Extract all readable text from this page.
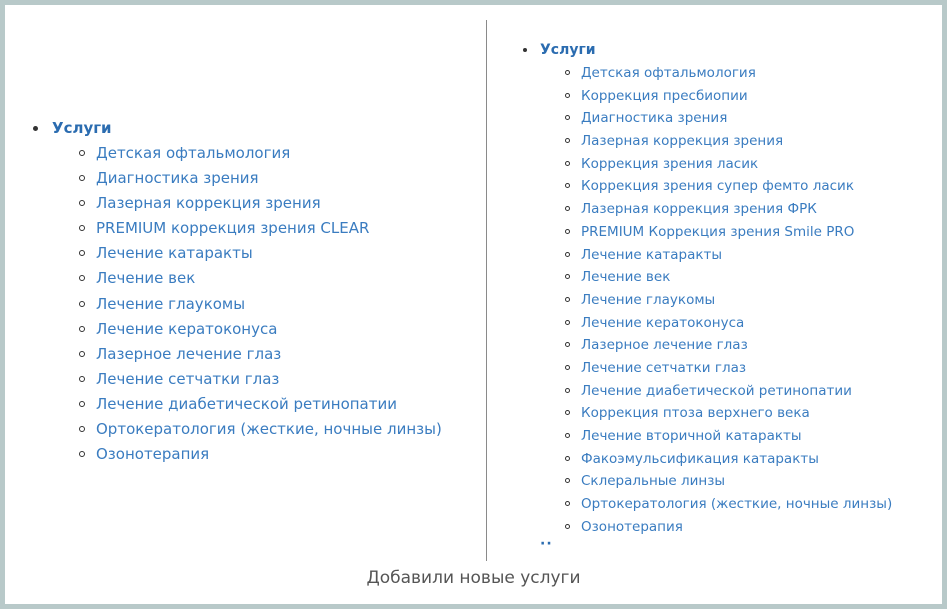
Услуги
Детская офтальмология
Диагностика зрения
Лазерная коррекция зрения
PREMIUM коррекция зрения CLEAR
Лечение катаракты
Лечение век
Лечение глаукомы
Лечение кератоконуса
Лазерное лечение глаз
Лечение сетчатки глаз
Лечение диабетической ретинопатии
Ортокератология (жесткие, ночные линзы)
Озонотерапия
Услуги
Детская офтальмология
Коррекция пресбиопии
Диагностика зрения
Лазерная коррекция зрения
Коррекция зрения ласик
Коррекция зрения супер фемто ласик
Лазерная коррекция зрения ФРК
PREMIUM Коррекция зрения Smile PRO
Лечение катаракты
Лечение век
Лечение глаукомы
Лечение кератоконуса
Лазерное лечение глаз
Лечение сетчатки глаз
Лечение диабетической ретинопатии
Коррекция птоза верхнего века
Лечение вторичной катаракты
Факоэмульсификация катаракты
Склеральные линзы
Ортокератология (жесткие, ночные линзы)
Озонотерапия
··
Добавили новые услуги
